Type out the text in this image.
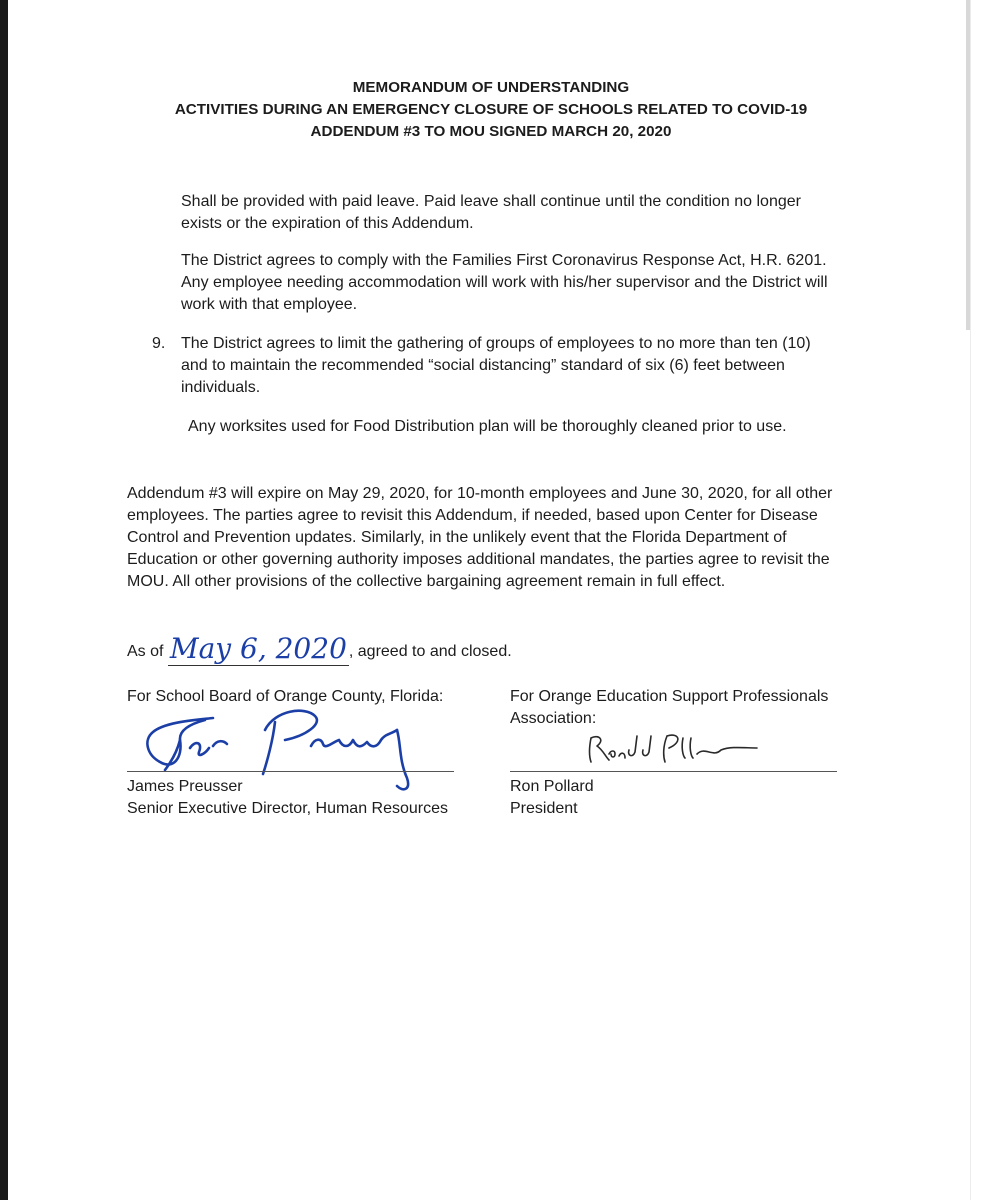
MEMORANDUM OF UNDERSTANDING
ACTIVITIES DURING AN EMERGENCY CLOSURE OF SCHOOLS RELATED TO COVID-19
ADDENDUM #3 TO MOU SIGNED MARCH 20, 2020

Shall be provided with paid leave. Paid leave shall continue until the condition no longer exists or the expiration of this Addendum.

The District agrees to comply with the Families First Coronavirus Response Act, H.R. 6201. Any employee needing accommodation will work with his/her supervisor and the District will work with that employee.

9. The District agrees to limit the gathering of groups of employees to no more than ten (10) and to maintain the recommended “social distancing” standard of six (6) feet between individuals.

Any worksites used for Food Distribution plan will be thoroughly cleaned prior to use.

Addendum #3 will expire on May 29, 2020, for 10-month employees and June 30, 2020, for all other employees. The parties agree to revisit this Addendum, if needed, based upon Center for Disease Control and Prevention updates. Similarly, in the unlikely event that the Florida Department of Education or other governing authority imposes additional mandates, the parties agree to revisit the MOU. All other provisions of the collective bargaining agreement remain in full effect.

As of May 6, 2020 , agreed to and closed.
For School Board of Orange County, Florida:	For Orange Education Support Professionals Association:
James Preusser
Senior Executive Director, Human Resources
Ron Pollard
President
